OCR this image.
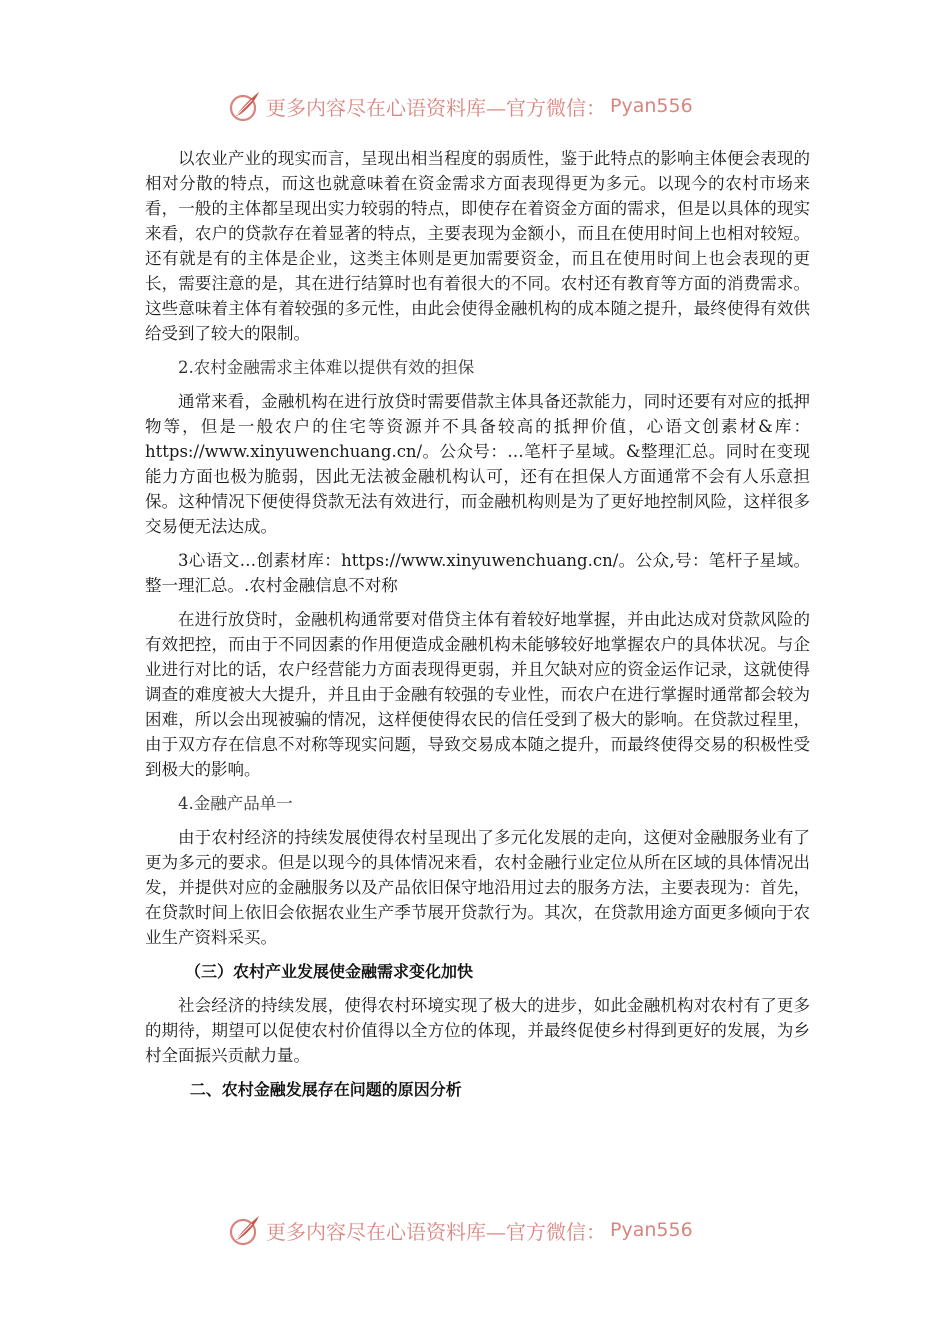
更多内容尽在心语资料库—官方微信： Pyan556

以农业产业的现实而言，呈现出相当程度的弱质性，鉴于此特点的影响主体便会表现的相对分散的特点，而这也就意味着在资金需求方面表现得更为多元。以现今的农村市场来看，一般的主体都呈现出实力较弱的特点，即使存在着资金方面的需求，但是以具体的现实来看，农户的贷款存在着显著的特点，主要表现为金额小，而且在使用时间上也相对较短。还有就是有的主体是企业，这类主体则是更加需要资金，而且在使用时间上也会表现的更长，需要注意的是，其在进行结算时也有着很大的不同。农村还有教育等方面的消费需求。这些意味着主体有着较强的多元性，由此会使得金融机构的成本随之提升，最终使得有效供给受到了较大的限制。

2.农村金融需求主体难以提供有效的担保

通常来看，金融机构在进行放贷时需要借款主体具备还款能力，同时还要有对应的抵押物等，但是一般农户的住宅等资源并不具备较高的抵押价值，心语文创素材&库：https://www.xinyuwenchuang.cn/。公众号：…笔杆子星域。&整理汇总。同时在变现能力方面也极为脆弱，因此无法被金融机构认可，还有在担保人方面通常不会有人乐意担保。这种情况下便使得贷款无法有效进行，而金融机构则是为了更好地控制风险，这样很多交易便无法达成。

3心语文…创素材库：https://www.xinyuwenchuang.cn/。公众,号：笔杆子星域。整一理汇总。.农村金融信息不对称

在进行放贷时，金融机构通常要对借贷主体有着较好地掌握，并由此达成对贷款风险的有效把控，而由于不同因素的作用便造成金融机构未能够较好地掌握农户的具体状况。与企业进行对比的话，农户经营能力方面表现得更弱，并且欠缺对应的资金运作记录，这就使得调查的难度被大大提升，并且由于金融有较强的专业性，而农户在进行掌握时通常都会较为困难，所以会出现被骗的情况，这样便使得农民的信任受到了极大的影响。在贷款过程里，由于双方存在信息不对称等现实问题，导致交易成本随之提升，而最终使得交易的积极性受到极大的影响。

4.金融产品单一

由于农村经济的持续发展使得农村呈现出了多元化发展的走向，这便对金融服务业有了更为多元的要求。但是以现今的具体情况来看，农村金融行业定位从所在区域的具体情况出发，并提供对应的金融服务以及产品依旧保守地沿用过去的服务方法，主要表现为：首先，在贷款时间上依旧会依据农业生产季节展开贷款行为。其次，在贷款用途方面更多倾向于农业生产资料采买。

（三）农村产业发展使金融需求变化加快

社会经济的持续发展，使得农村环境实现了极大的进步，如此金融机构对农村有了更多的期待，期望可以促使农村价值得以全方位的体现，并最终促使乡村得到更好的发展，为乡村全面振兴贡献力量。

二、农村金融发展存在问题的原因分析

更多内容尽在心语资料库—官方微信： Pyan556
